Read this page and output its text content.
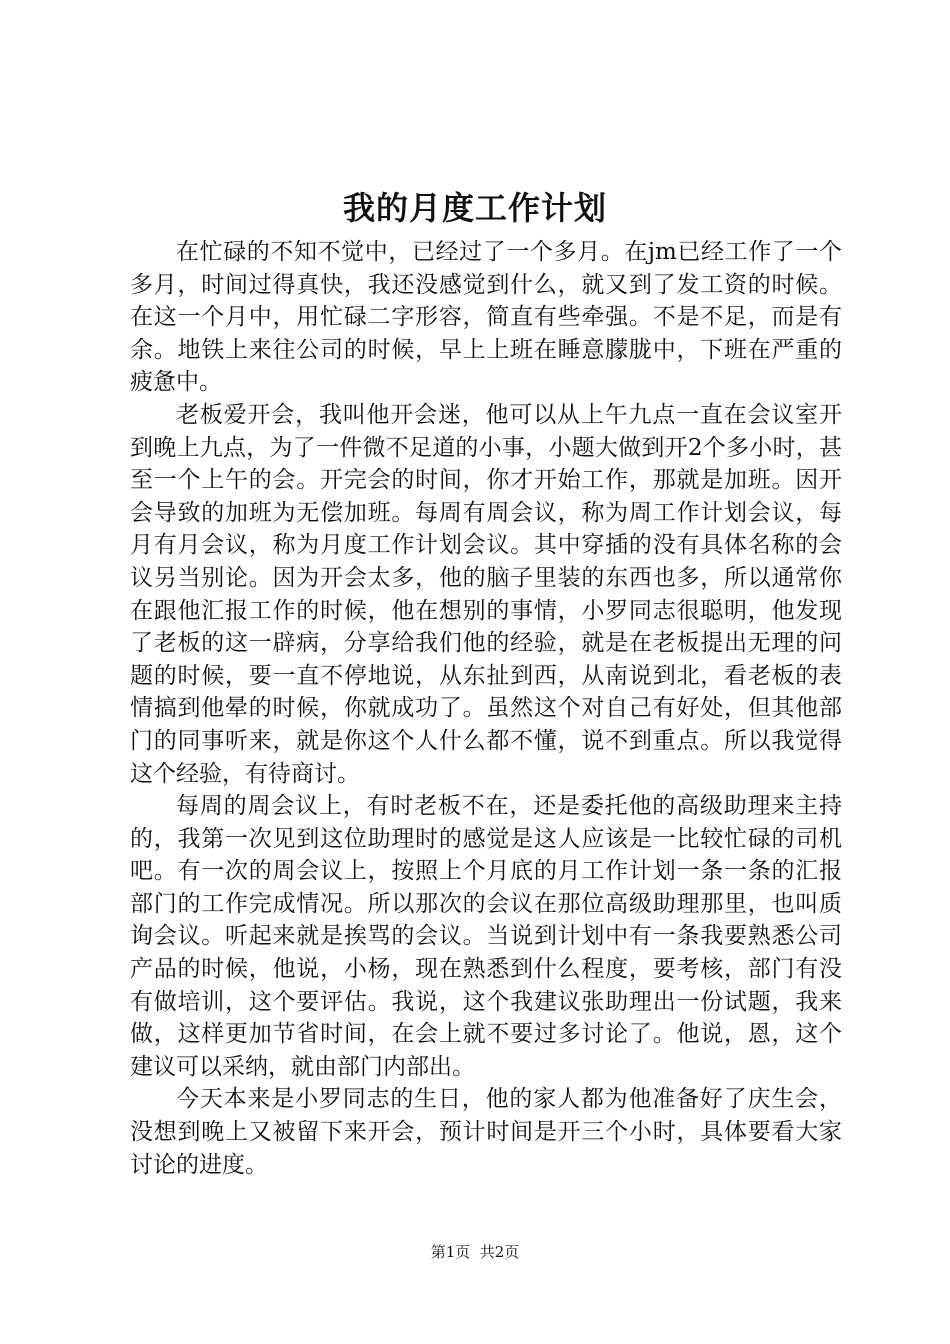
我的月度工作计划

在忙碌的不知不觉中，已经过了一个多月。在jm已经工作了一个多月，时间过得真快，我还没感觉到什么，就又到了发工资的时候。在这一个月中，用忙碌二字形容，简直有些牵强。不是不足，而是有余。地铁上来往公司的时候，早上上班在睡意朦胧中，下班在严重的疲惫中。

老板爱开会，我叫他开会迷，他可以从上午九点一直在会议室开到晚上九点，为了一件微不足道的小事，小题大做到开2个多小时，甚至一个上午的会。开完会的时间，你才开始工作，那就是加班。因开会导致的加班为无偿加班。每周有周会议，称为周工作计划会议，每月有月会议，称为月度工作计划会议。其中穿插的没有具体名称的会议另当别论。因为开会太多，他的脑子里装的东西也多，所以通常你在跟他汇报工作的时候，他在想别的事情，小罗同志很聪明，他发现了老板的这一辟病，分享给我们他的经验，就是在老板提出无理的问题的时候，要一直不停地说，从东扯到西，从南说到北，看老板的表情搞到他晕的时候，你就成功了。虽然这个对自己有好处，但其他部门的同事听来，就是你这个人什么都不懂，说不到重点。所以我觉得这个经验，有待商讨。

每周的周会议上，有时老板不在，还是委托他的高级助理来主持的，我第一次见到这位助理时的感觉是这人应该是一比较忙碌的司机吧。有一次的周会议上，按照上个月底的月工作计划一条一条的汇报部门的工作完成情况。所以那次的会议在那位高级助理那里，也叫质询会议。听起来就是挨骂的会议。当说到计划中有一条我要熟悉公司产品的时候，他说，小杨，现在熟悉到什么程度，要考核，部门有没有做培训，这个要评估。我说，这个我建议张助理出一份试题，我来做，这样更加节省时间，在会上就不要过多讨论了。他说，恩，这个建议可以采纳，就由部门内部出。

今天本来是小罗同志的生日，他的家人都为他准备好了庆生会，没想到晚上又被留下来开会，预计时间是开三个小时，具体要看大家讨论的进度。

第1页  共2页
